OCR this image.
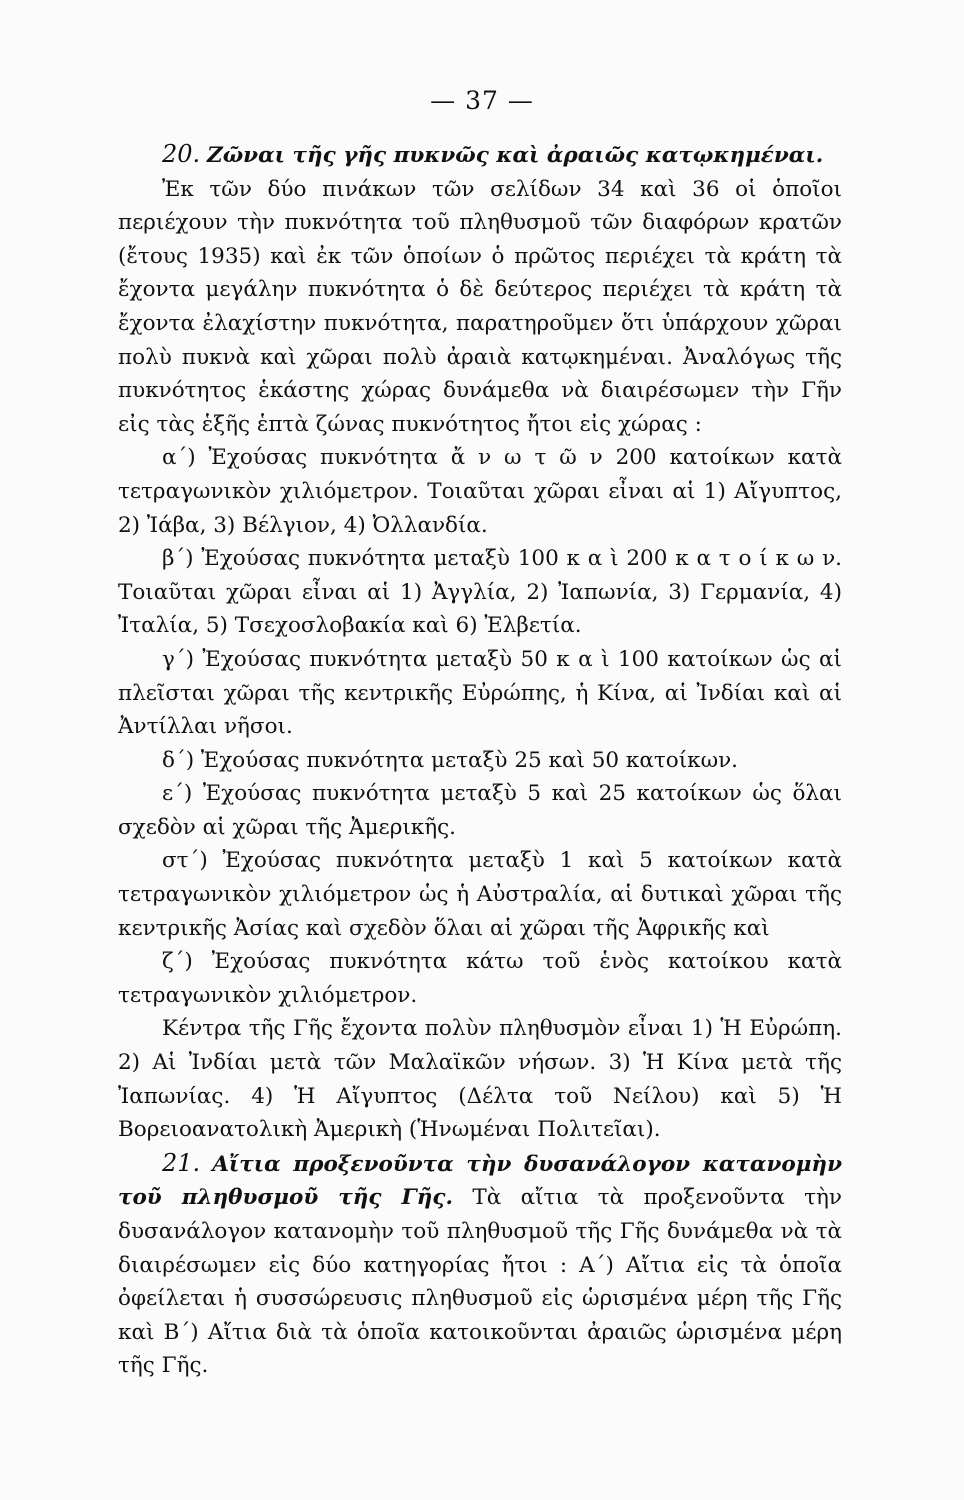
— 37 —

20. Ζῶναι τῆς γῆς πυκνῶς καὶ ἀραιῶς κατῳκημέναι.

Ἐκ τῶν δύο πινάκων τῶν σελίδων 34 καὶ 36 οἱ ὁποῖοι περιέχουν τὴν πυκνότητα τοῦ πληθυσμοῦ τῶν διαφόρων κρατῶν (ἔτους 1935) καὶ ἐκ τῶν ὁποίων ὁ πρῶτος περιέχει τὰ κράτη τὰ ἔχοντα μεγάλην πυκνότητα ὁ δὲ δεύτερος περιέχει τὰ κράτη τὰ ἔχοντα ἐλαχίστην πυκνότητα, παρατηροῦμεν ὅτι ὑπάρχουν χῶραι πολὺ πυκνὰ καὶ χῶραι πολὺ ἀραιὰ κατῳκημέναι. Ἀναλόγως τῆς πυκνότητος ἑκάστης χώρας δυνάμεθα νὰ διαιρέσωμεν τὴν Γῆν εἰς τὰς ἑξῆς ἑπτὰ ζώνας πυκνότητος ἤτοι εἰς χώρας :

α΄) Ἐχούσας πυκνότητα ἄ ν ω τ ῶ ν 200 κατοίκων κατὰ τετραγωνικὸν χιλιόμετρον. Τοιαῦται χῶραι εἶναι αἱ 1) Αἴγυπτος, 2) Ἰάβα, 3) Βέλγιον, 4) Ὀλλανδία.

β΄) Ἐχούσας πυκνότητα μεταξὺ 100 κ α ὶ 200 κ α τ ο ί κ ω ν. Τοιαῦται χῶραι εἶναι αἱ 1) Ἀγγλία, 2) Ἰαπωνία, 3) Γερμανία, 4) Ἰταλία, 5) Τσεχοσλοβακία καὶ 6) Ἐλβετία.

γ΄) Ἐχούσας πυκνότητα μεταξὺ 50 κ α ὶ 100 κατοίκων ὡς αἱ πλεῖσται χῶραι τῆς κεντρικῆς Εὐρώπης, ἡ Κίνα, αἱ Ἰνδίαι καὶ αἱ Ἀντίλλαι νῆσοι.

δ΄) Ἐχούσας πυκνότητα μεταξὺ 25 καὶ 50 κατοίκων.

ε΄) Ἐχούσας πυκνότητα μεταξὺ 5 καὶ 25 κατοίκων ὡς ὅλαι σχεδὸν αἱ χῶραι τῆς Ἀμερικῆς.

στ΄) Ἐχούσας πυκνότητα μεταξὺ 1 καὶ 5 κατοίκων κατὰ τετραγωνικὸν χιλιόμετρον ὡς ἡ Αὐστραλία, αἱ δυτικαὶ χῶραι τῆς κεντρικῆς Ἀσίας καὶ σχεδὸν ὅλαι αἱ χῶραι τῆς Ἀφρικῆς καὶ

ζ΄) Ἐχούσας πυκνότητα κάτω τοῦ ἑνὸς κατοίκου κατὰ τετραγωνικὸν χιλιόμετρον.

Κέντρα τῆς Γῆς ἔχοντα πολὺν πληθυσμὸν εἶναι 1) Ἡ Εὐρώπη. 2) Αἱ Ἰνδίαι μετὰ τῶν Μαλαϊκῶν νήσων. 3) Ἡ Κίνα μετὰ τῆς Ἰαπωνίας. 4) Ἡ Αἴγυπτος (Δέλτα τοῦ Νείλου) καὶ 5) Ἡ Βορειοανατολικὴ Ἀμερικὴ (Ἡνωμέναι Πολιτεῖαι).

21. Αἴτια προξενοῦντα τὴν δυσανάλογον κατανομὴν τοῦ πληθυσμοῦ τῆς Γῆς. Τὰ αἴτια τὰ προξενοῦντα τὴν δυσανάλογον κατανομὴν τοῦ πληθυσμοῦ τῆς Γῆς δυνάμεθα νὰ τὰ διαιρέσωμεν εἰς δύο κατηγορίας ἤτοι : Α΄) Αἴτια εἰς τὰ ὁποῖα ὀφείλεται ἡ συσσώρευσις πληθυσμοῦ εἰς ὡρισμένα μέρη τῆς Γῆς καὶ Β΄) Αἴτια διὰ τὰ ὁποῖα κατοικοῦνται ἀραιῶς ὡρισμένα μέρη τῆς Γῆς.
